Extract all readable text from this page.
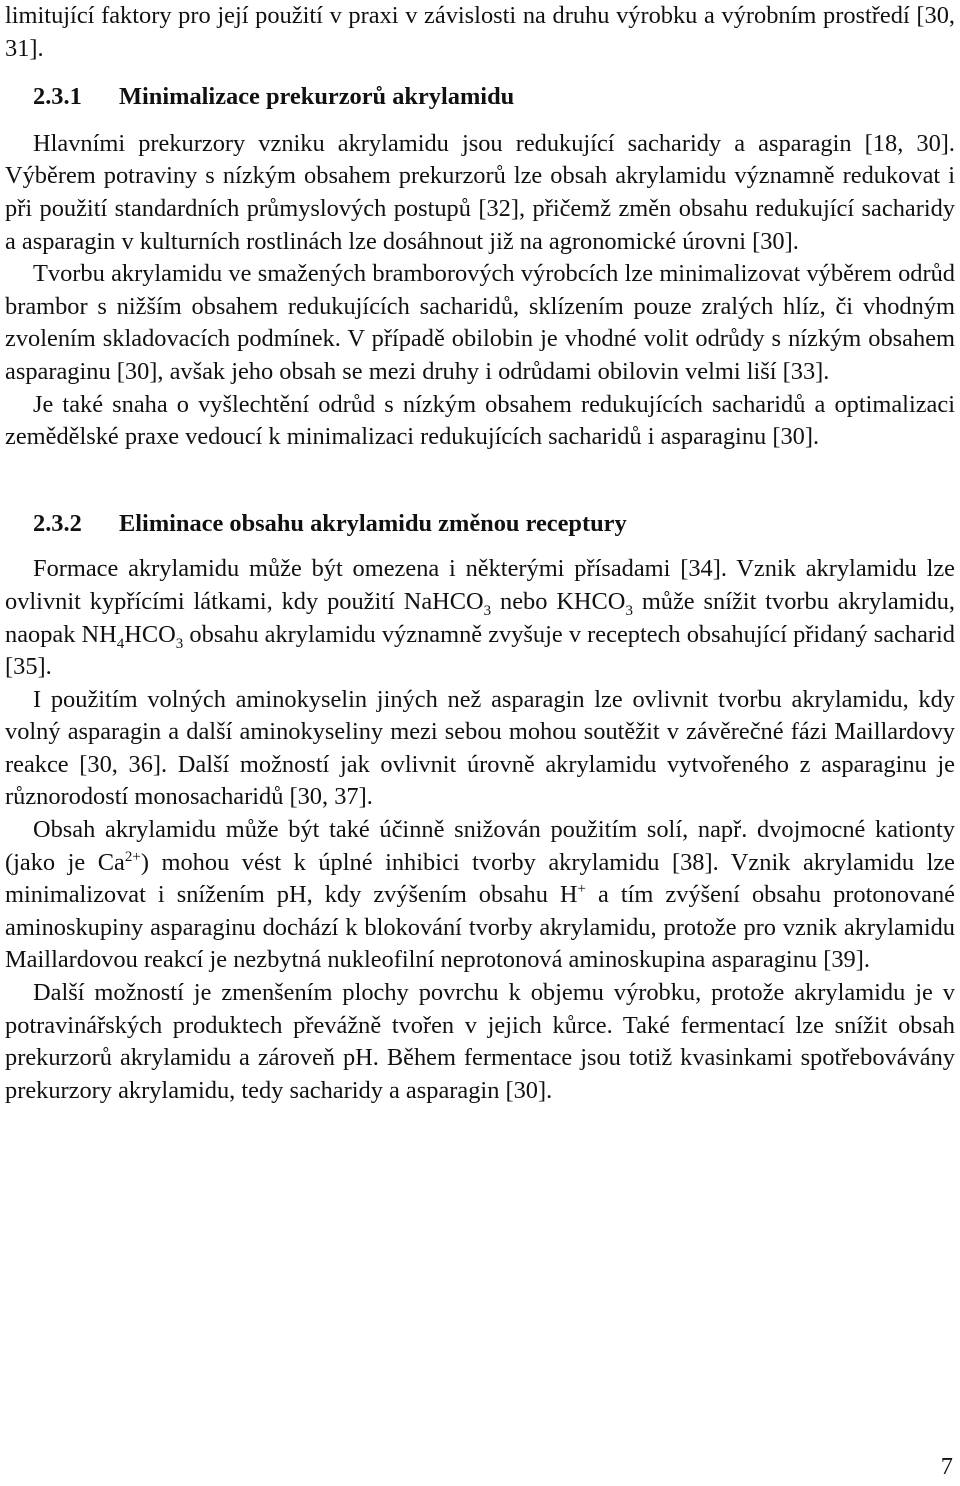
limitující faktory pro její použití v praxi v závislosti na druhu výrobku a výrobním prostředí [30, 31].

2.3.1 Minimalizace prekurzorů akrylamidu

Hlavními prekurzory vzniku akrylamidu jsou redukující sacharidy a asparagin [18, 30]. Výběrem potraviny s nízkým obsahem prekurzorů lze obsah akrylamidu významně redukovat i při použití standardních průmyslových postupů [32], přičemž změn obsahu redukující sacharidy a asparagin v kulturních rostlinách lze dosáhnout již na agronomické úrovni [30].

Tvorbu akrylamidu ve smažených bramborových výrobcích lze minimalizovat výběrem odrůd brambor s nižším obsahem redukujících sacharidů, sklízením pouze zralých hlíz, či vhodným zvolením skladovacích podmínek. V případě obilobin je vhodné volit odrůdy s nízkým obsahem asparaginu [30], avšak jeho obsah se mezi druhy i odrůdami obilovin velmi liší [33].

Je také snaha o vyšlechtění odrůd s nízkým obsahem redukujících sacharidů a optimalizaci zemědělské praxe vedoucí k minimalizaci redukujících sacharidů i asparaginu [30].

2.3.2 Eliminace obsahu akrylamidu změnou receptury

Formace akrylamidu může být omezena i některými přísadami [34]. Vznik akrylamidu lze ovlivnit kypřícími látkami, kdy použití NaHCO$_3$ nebo $KHCO_3$ může snížit tvorbu akrylamidu, naopak $NH_4HCO_3$ obsahu akrylamidu významně zvyšuje v receptech obsahující přidaný sacharid [35].

I použitím volných aminokyselin jiných než asparagin lze ovlivnit tvorbu akrylamidu, kdy volný asparagin a další aminokyseliny mezi sebou mohou soutěžit v závěrečné fázi Maillardovy reakce [30, 36]. Další možností jak ovlivnit úrovně akrylamidu vytvořeného z asparaginu je různorodostí monosacharidů [30, 37].

Obsah akrylamidu může být také účinně snižován použitím solí, např. dvojmocné kationty (jako je $Ca^{2+}$) mohou vést k úplné inhibici tvorby akrylamidu [38]. Vznik akrylamidu lze minimalizovat i snížením pH, kdy zvýšením obsahu H+ a tím zvýšení obsahu protonované aminoskupiny asparaginu dochází k blokování tvorby akrylamidu, protože pro vznik akrylamidu Maillardovou reakcí je nezbytná nukleofilní neprotonová aminoskupina asparaginu [39].

Další možností je zmenšením plochy povrchu k objemu výrobku, protože akrylamidu je v potravinářských produktech převážně tvořen v jejich kůrce. Také fermentací lze snížit obsah prekurzorů akrylamidu a zároveň pH. Během fermentace jsou totiž kvasinkami spotřebovávány prekurzory akrylamidu, tedy sacharidy a asparagin [30].

7
